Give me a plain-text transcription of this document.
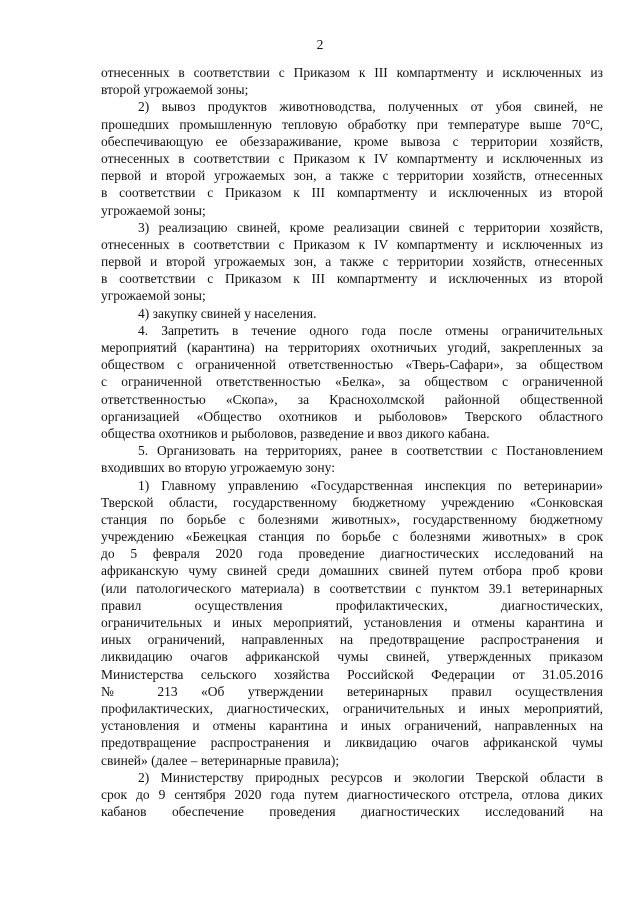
2
отнесенных в соответствии с Приказом к III компартменту и исключенных из
второй угрожаемой зоны;
2) вывоз продуктов животноводства, полученных от убоя свиней, не
прошедших промышленную тепловую обработку при температуре выше 70°C,
обеспечивающую ее обеззараживание, кроме вывоза с территории хозяйств,
отнесенных в соответствии с Приказом к IV компартменту и исключенных из
первой и второй угрожаемых зон, а также с территории хозяйств, отнесенных
в соответствии с Приказом к III компартменту и исключенных из второй
угрожаемой зоны;
3) реализацию свиней, кроме реализации свиней с территории хозяйств,
отнесенных в соответствии с Приказом к IV компартменту и исключенных из
первой и второй угрожаемых зон, а также с территории хозяйств, отнесенных
в соответствии с Приказом к III компартменту и исключенных из второй
угрожаемой зоны;
4) закупку свиней у населения.
4. Запретить в течение одного года после отмены ограничительных
мероприятий (карантина) на территориях охотничьих угодий, закрепленных за
обществом с ограниченной ответственностью «Тверь-Сафари», за обществом
с ограниченной ответственностью «Белка», за обществом с ограниченной
ответственностью «Скопа», за Краснохолмской районной общественной
организацией «Общество охотников и рыболовов» Тверского областного
общества охотников и рыболовов, разведение и ввоз дикого кабана.
5. Организовать на территориях, ранее в соответствии с Постановлением
входивших во вторую угрожаемую зону:
1) Главному управлению «Государственная инспекция по ветеринарии»
Тверской области, государственному бюджетному учреждению «Сонковская
станция по борьбе с болезнями животных», государственному бюджетному
учреждению «Бежецкая станция по борьбе с болезнями животных» в срок
до 5 февраля 2020 года проведение диагностических исследований на
африканскую чуму свиней среди домашних свиней путем отбора проб крови
(или патологического материала) в соответствии с пунктом 39.1 ветеринарных
правил осуществления профилактических, диагностических,
ограничительных и иных мероприятий, установления и отмены карантина и
иных ограничений, направленных на предотвращение распространения и
ликвидацию очагов африканской чумы свиней, утвержденных приказом
Министерства сельского хозяйства Российской Федерации от 31.05.2016
№ 213 «Об утверждении ветеринарных правил осуществления
профилактических, диагностических, ограничительных и иных мероприятий,
установления и отмены карантина и иных ограничений, направленных на
предотвращение распространения и ликвидацию очагов африканской чумы
свиней» (далее – ветеринарные правила);
2) Министерству природных ресурсов и экологии Тверской области в
срок до 9 сентября 2020 года путем диагностического отстрела, отлова диких
кабанов обеспечение проведения диагностических исследований на
